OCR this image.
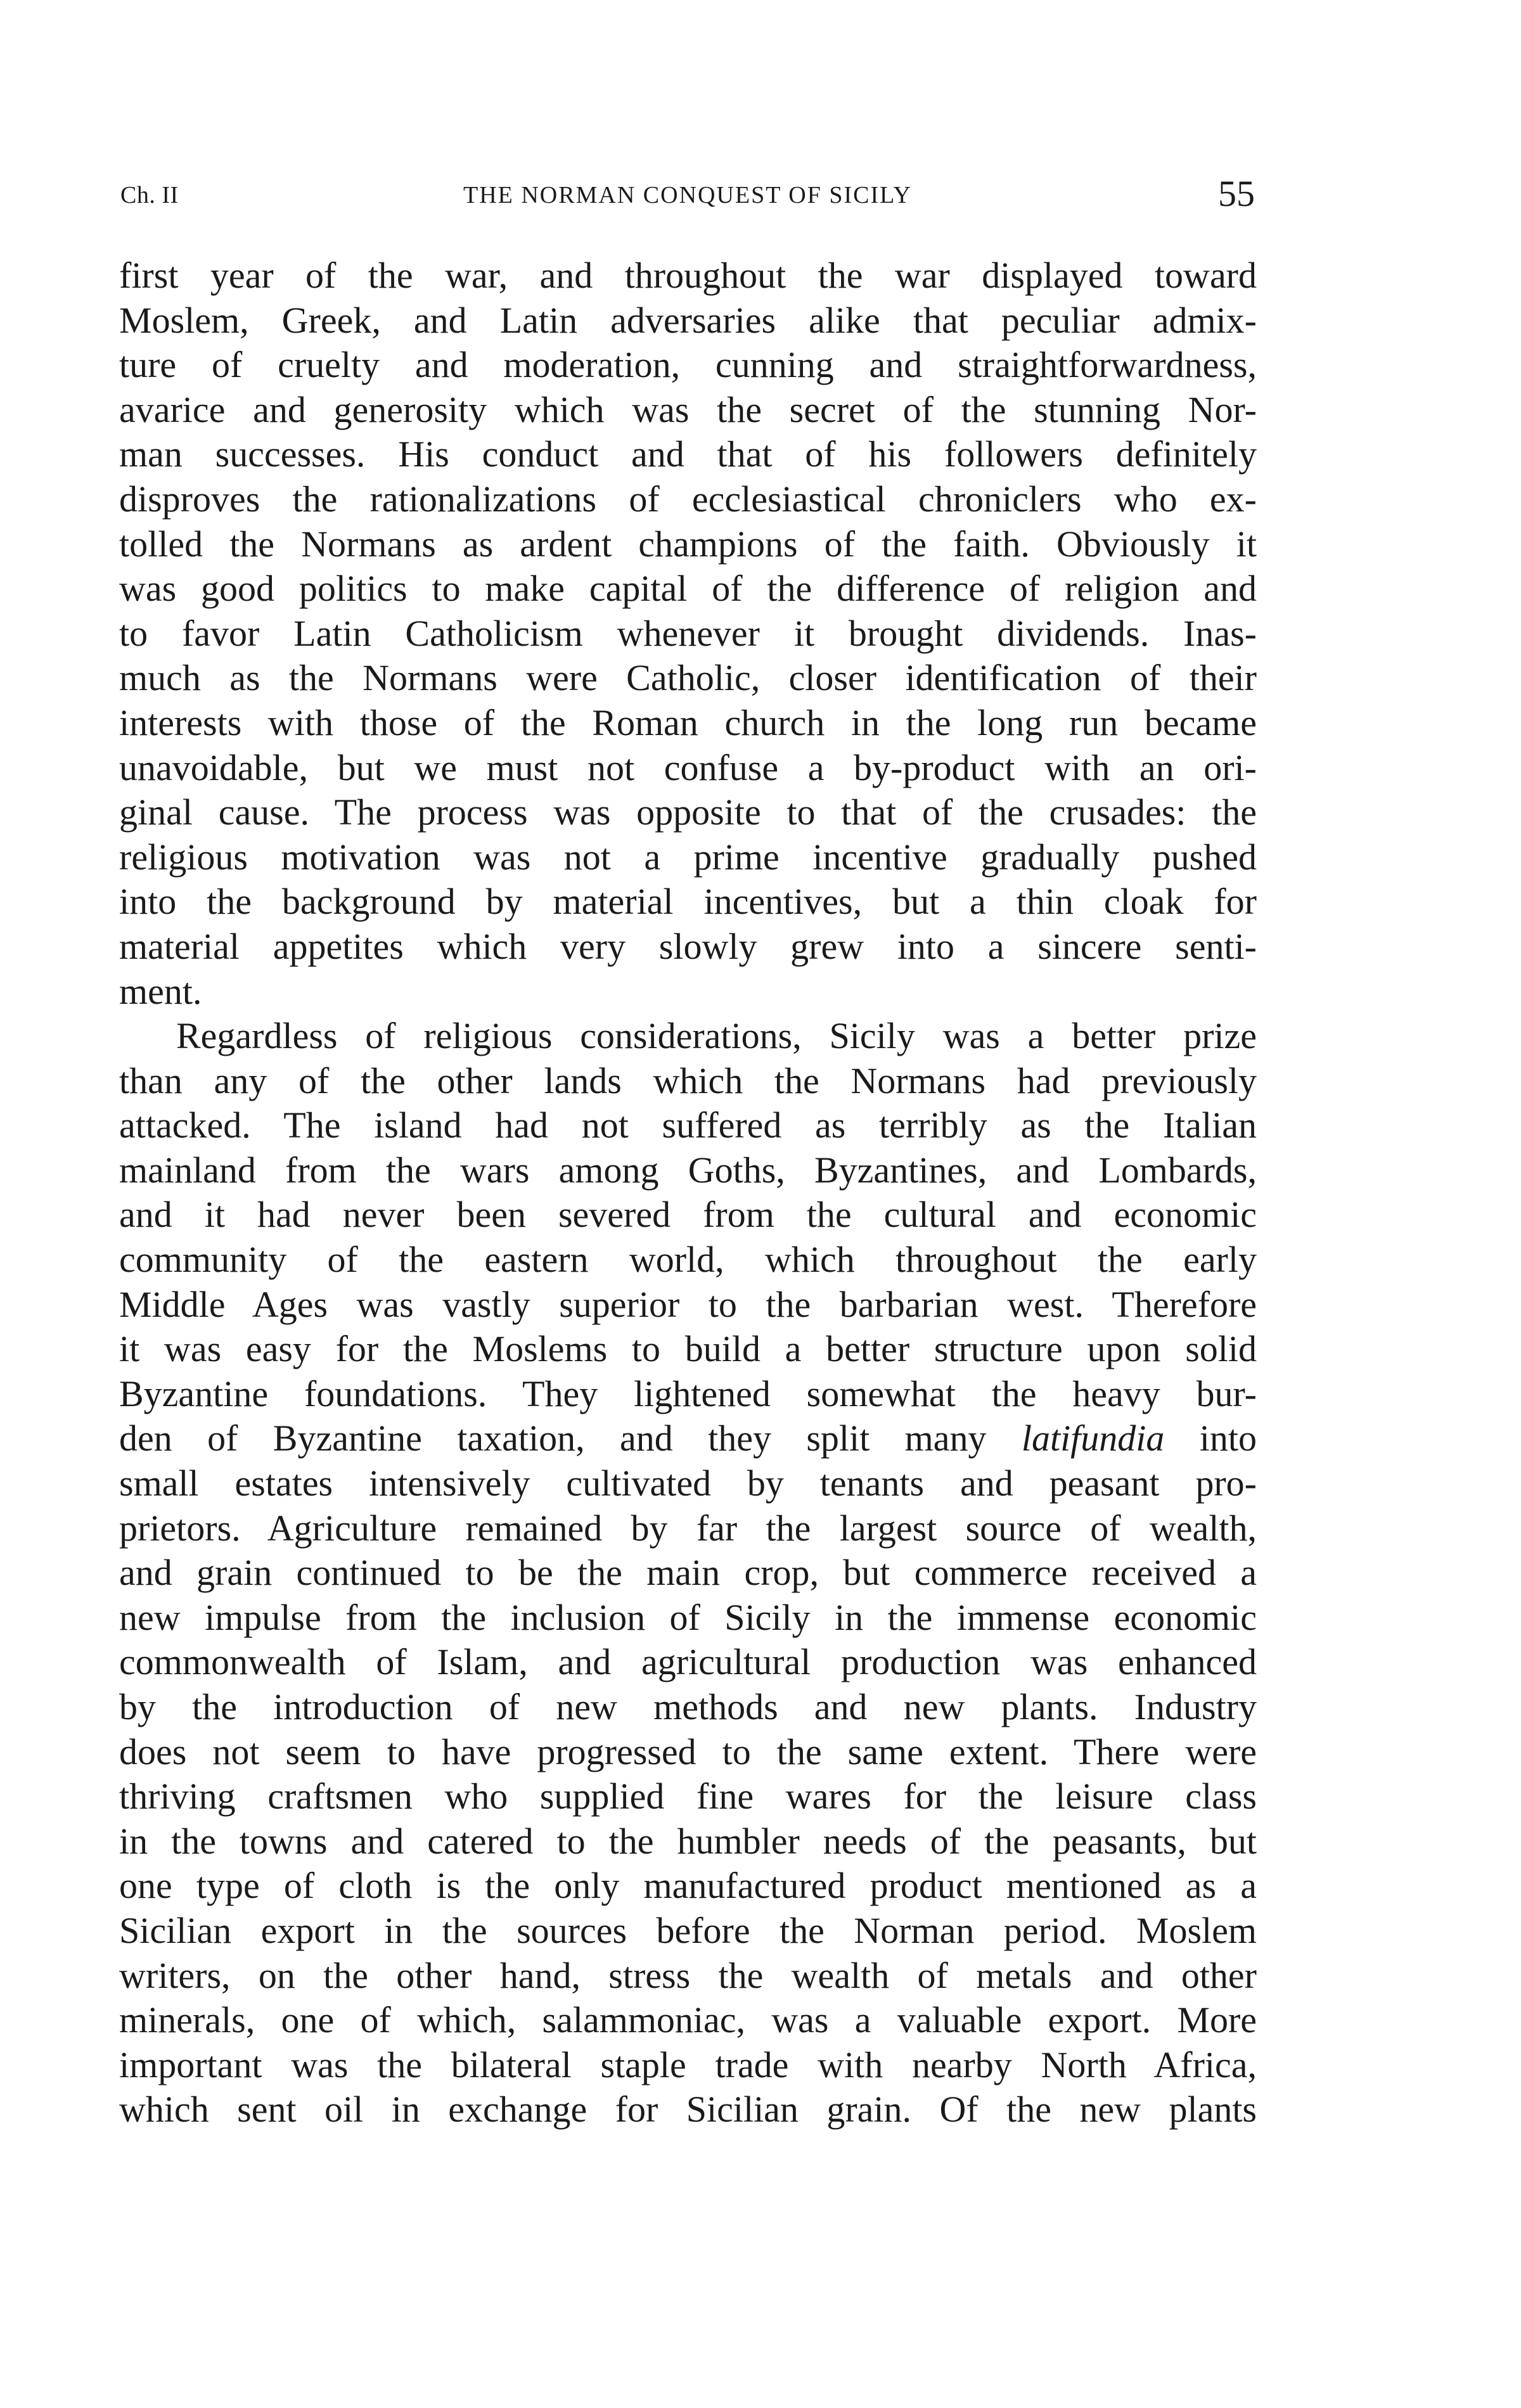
Ch. II	THE NORMAN CONQUEST OF SICILY	55
first year of the war, and throughout the war displayed toward
Moslem, Greek, and Latin adversaries alike that peculiar admix-
ture of cruelty and moderation, cunning and straightforwardness,
avarice and generosity which was the secret of the stunning Nor-
man successes. His conduct and that of his followers definitely
disproves the rationalizations of ecclesiastical chroniclers who ex-
tolled the Normans as ardent champions of the faith. Obviously it
was good politics to make capital of the difference of religion and
to favor Latin Catholicism whenever it brought dividends. Inas-
much as the Normans were Catholic, closer identification of their
interests with those of the Roman church in the long run became
unavoidable, but we must not confuse a by-product with an ori-
ginal cause. The process was opposite to that of the crusades: the
religious motivation was not a prime incentive gradually pushed
into the background by material incentives, but a thin cloak for
material appetites which very slowly grew into a sincere senti-
ment.
Regardless of religious considerations, Sicily was a better prize
than any of the other lands which the Normans had previously
attacked. The island had not suffered as terribly as the Italian
mainland from the wars among Goths, Byzantines, and Lombards,
and it had never been severed from the cultural and economic
community of the eastern world, which throughout the early
Middle Ages was vastly superior to the barbarian west. Therefore
it was easy for the Moslems to build a better structure upon solid
Byzantine foundations. They lightened somewhat the heavy bur-
den of Byzantine taxation, and they split many latifundia into
small estates intensively cultivated by tenants and peasant pro-
prietors. Agriculture remained by far the largest source of wealth,
and grain continued to be the main crop, but commerce received a
new impulse from the inclusion of Sicily in the immense economic
commonwealth of Islam, and agricultural production was enhanced
by the introduction of new methods and new plants. Industry
does not seem to have progressed to the same extent. There were
thriving craftsmen who supplied fine wares for the leisure class
in the towns and catered to the humbler needs of the peasants, but
one type of cloth is the only manufactured product mentioned as a
Sicilian export in the sources before the Norman period. Moslem
writers, on the other hand, stress the wealth of metals and other
minerals, one of which, salammoniac, was a valuable export. More
important was the bilateral staple trade with nearby North Africa,
which sent oil in exchange for Sicilian grain. Of the new plants
